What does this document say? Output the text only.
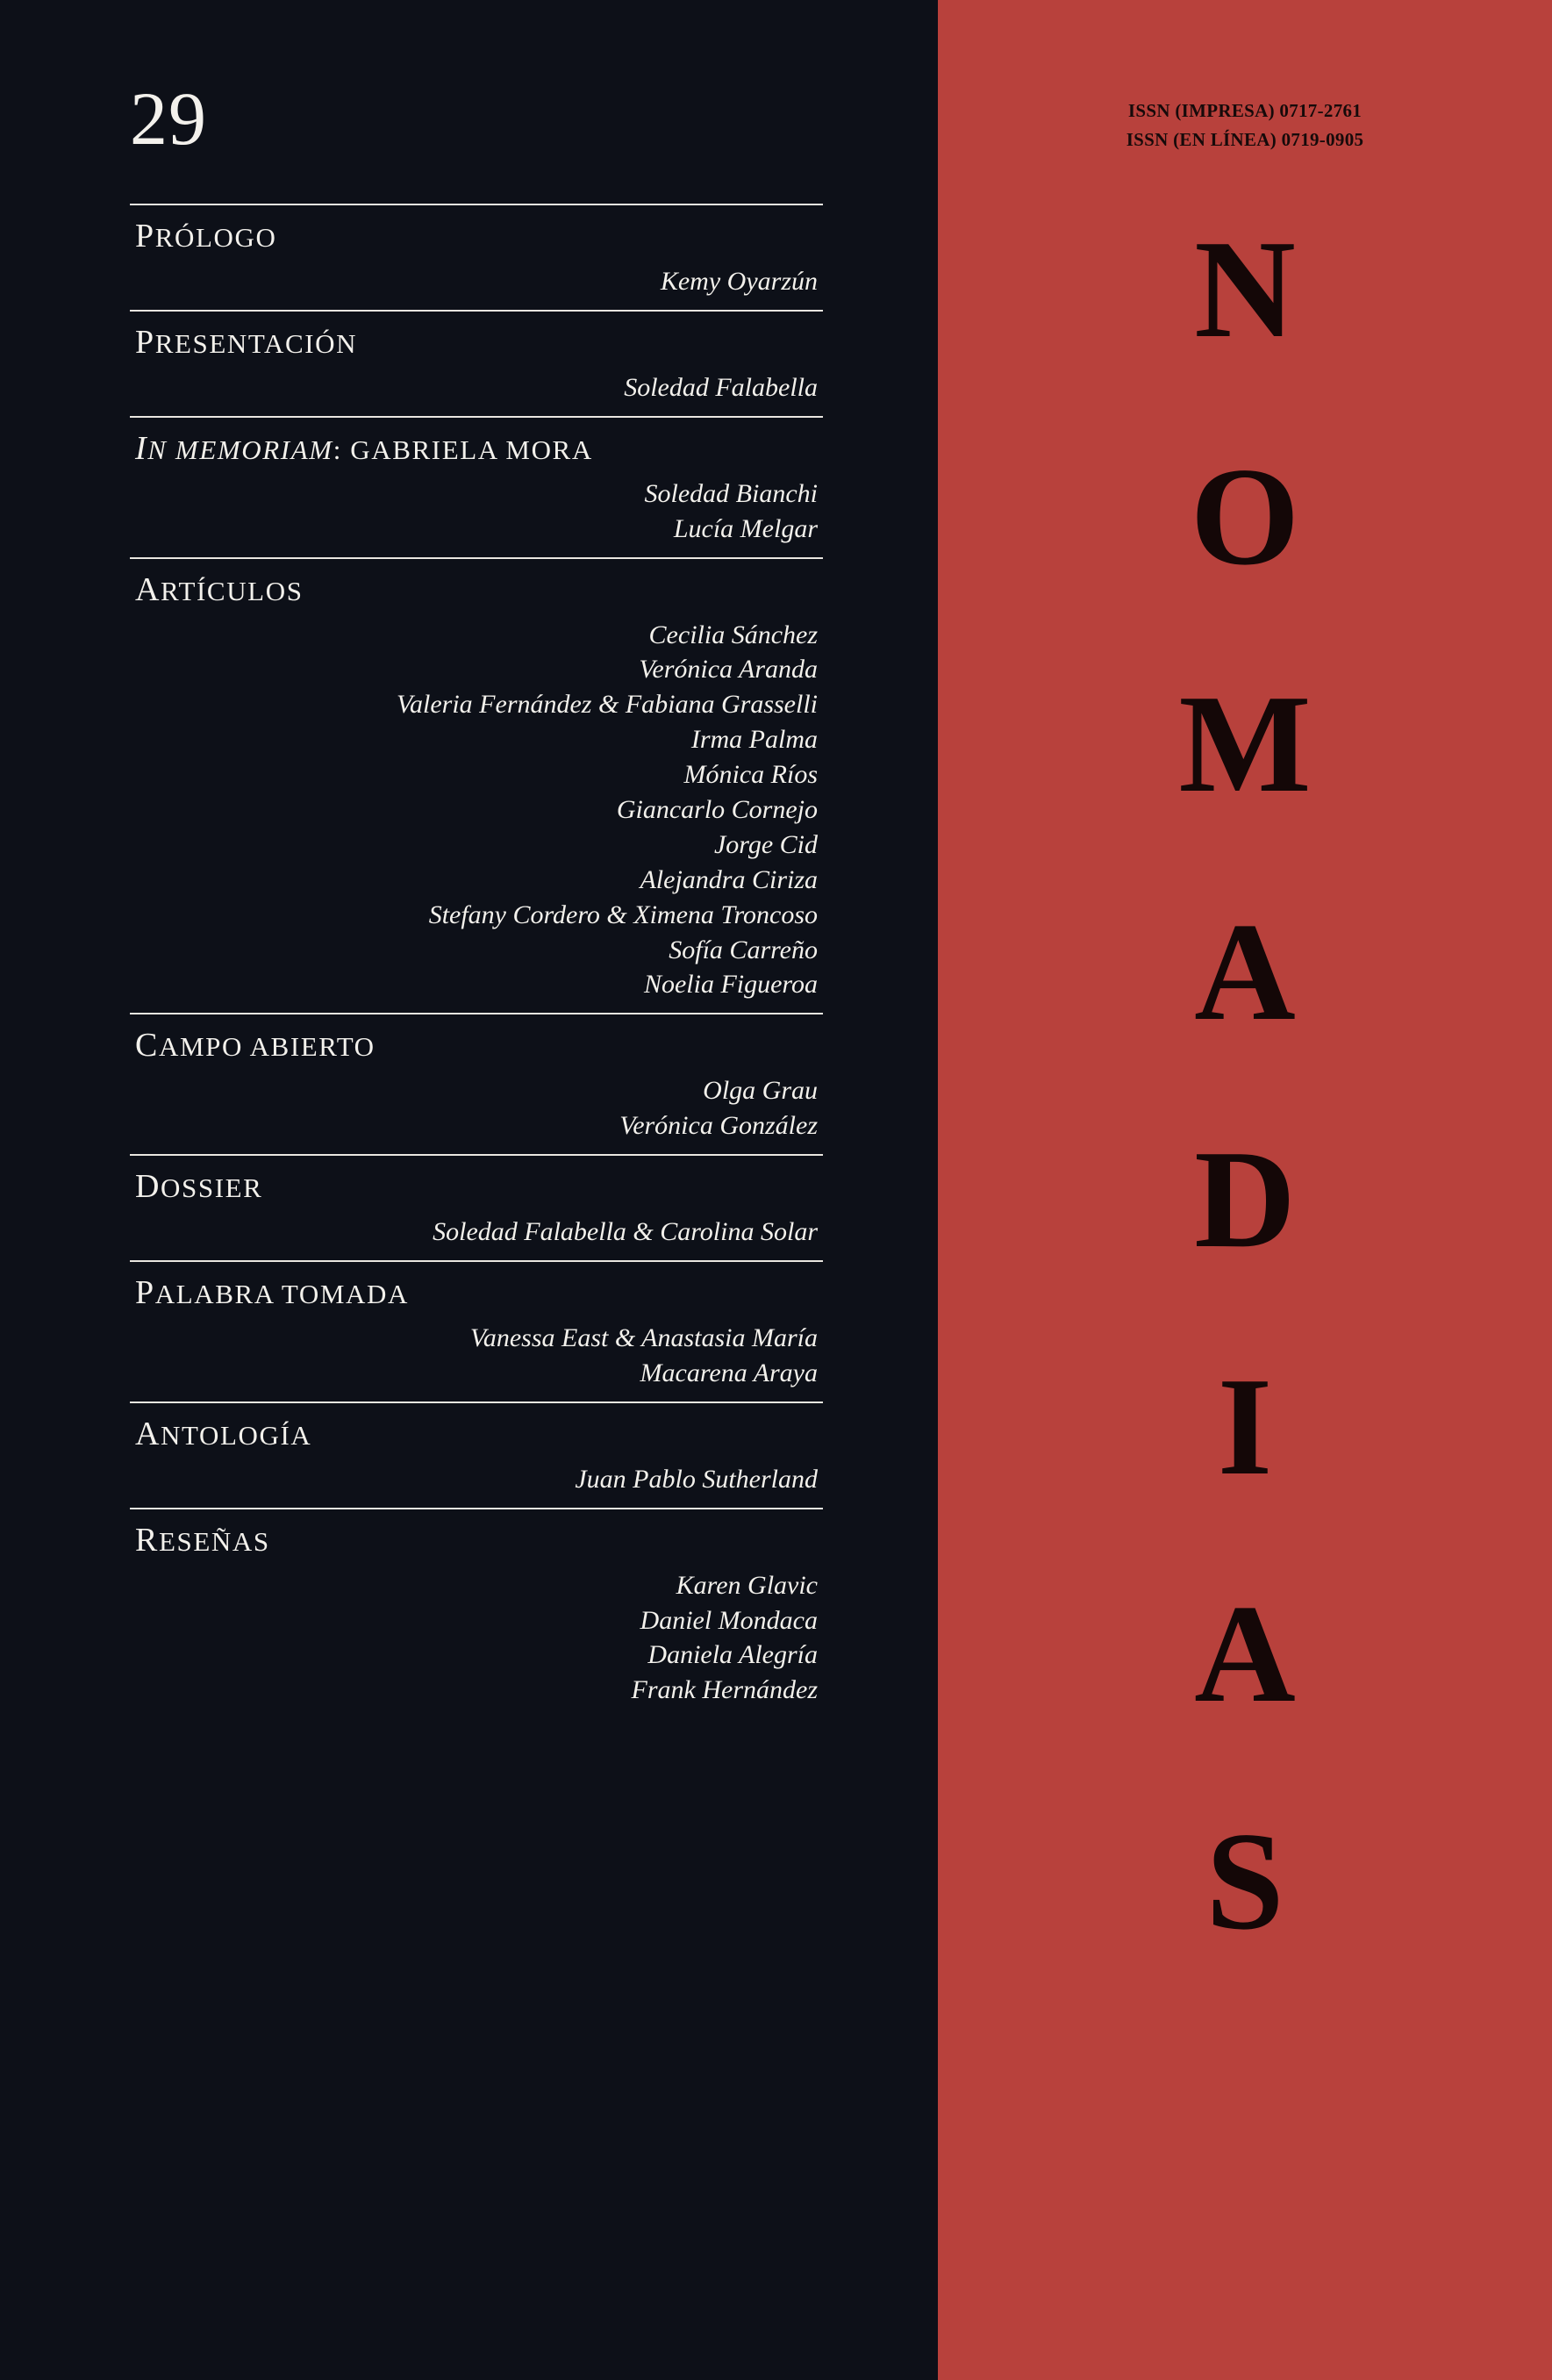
29
PRÓLOGO
Kemy Oyarzún
PRESENTACIÓN
Soledad Falabella
IN MEMORIAM: GABRIELA MORA
Soledad Bianchi
Lucía Melgar
ARTÍCULOS
Cecilia Sánchez
Verónica Aranda
Valeria Fernández & Fabiana Grasselli
Irma Palma
Mónica Ríos
Giancarlo Cornejo
Jorge Cid
Alejandra Ciriza
Stefany Cordero & Ximena Troncoso
Sofía Carreño
Noelia Figueroa
CAMPO ABIERTO
Olga Grau
Verónica González
DOSSIER
Soledad Falabella & Carolina Solar
PALABRA TOMADA
Vanessa East & Anastasia María
Macarena Araya
ANTOLOGÍA
Juan Pablo Sutherland
RESEÑAS
Karen Glavic
Daniel Mondaca
Daniela Alegría
Frank Hernández
ISSN (IMPRESA) 0717-2761
ISSN (EN LÍNEA) 0719-0905
N
O
M
A
D
I
A
S
